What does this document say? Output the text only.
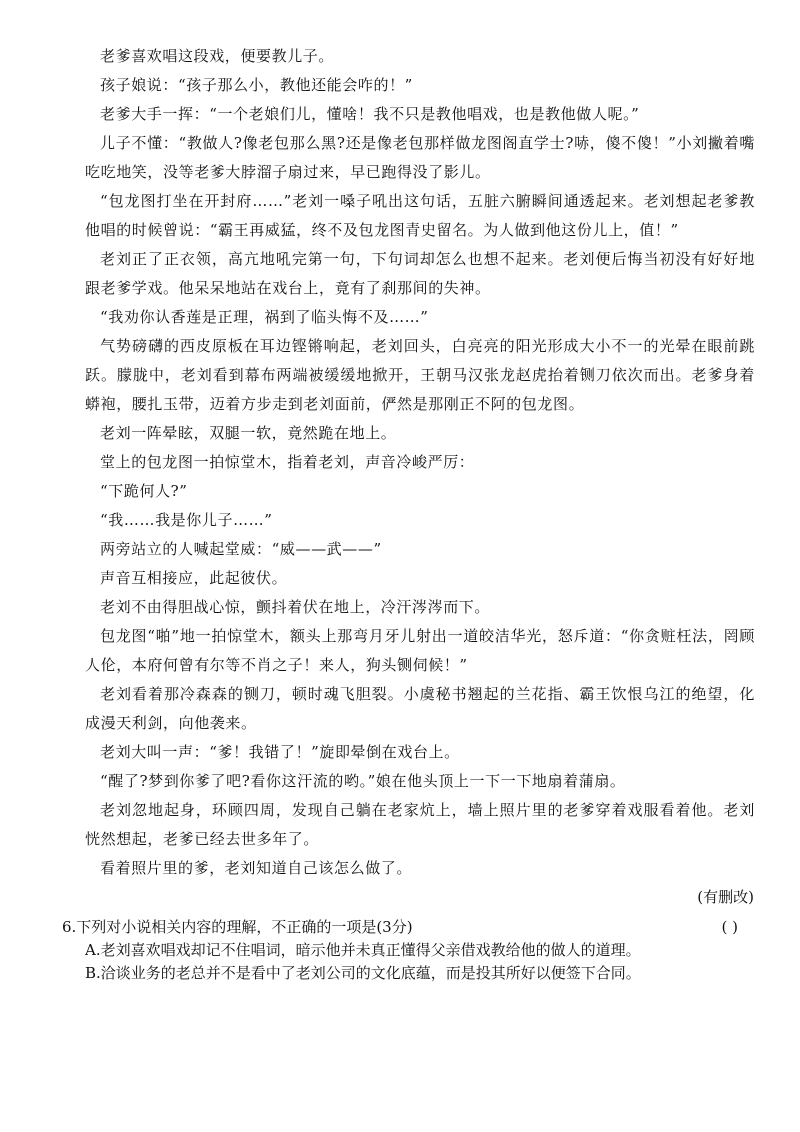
老爹喜欢唱这段戏，便要教儿子。

孩子娘说：“孩子那么小，教他还能会咋的！”

老爹大手一挥：“一个老娘们儿，懂啥！我不只是教他唱戏，也是教他做人呢。”

儿子不懂：“教做人?像老包那么黑?还是像老包那样做龙图阁直学士?哧，傻不傻！”小刘撇着嘴吃吃地笑，没等老爹大脖溜子扇过来，早已跑得没了影儿。

“包龙图打坐在开封府……”老刘一嗓子吼出这句话，五脏六腑瞬间通透起来。老刘想起老爹教他唱的时候曾说：“霸王再威猛，终不及包龙图青史留名。为人做到他这份儿上，值！”

老刘正了正衣领，高亢地吼完第一句，下句词却怎么也想不起来。老刘便后悔当初没有好好地跟老爹学戏。他呆呆地站在戏台上，竟有了刹那间的失神。

“我劝你认香莲是正理，祸到了临头悔不及……”

气势磅礴的西皮原板在耳边铿锵响起，老刘回头，白亮亮的阳光形成大小不一的光晕在眼前跳跃。朦胧中，老刘看到幕布两端被缓缓地掀开，王朝马汉张龙赵虎抬着铡刀依次而出。老爹身着蟒袍，腰扎玉带，迈着方步走到老刘面前，俨然是那刚正不阿的包龙图。

老刘一阵晕眩，双腿一软，竟然跪在地上。

堂上的包龙图一拍惊堂木，指着老刘，声音冷峻严厉：

“下跪何人?”

“我……我是你儿子……”

两旁站立的人喊起堂威：“威——武——”

声音互相接应，此起彼伏。

老刘不由得胆战心惊，颤抖着伏在地上，冷汗涔涔而下。

包龙图“啪”地一拍惊堂木，额头上那弯月牙儿射出一道皎洁华光，怒斥道：“你贪赃枉法，罔顾人伦，本府何曾有尔等不肖之子！来人，狗头铡伺候！”

老刘看着那冷森森的铡刀，顿时魂飞胆裂。小虞秘书翘起的兰花指、霸王饮恨乌江的绝望，化成漫天利剑，向他袭来。

老刘大叫一声：“爹！我错了！”旋即晕倒在戏台上。

“醒了?梦到你爹了吧?看你这汗流的哟。”娘在他头顶上一下一下地扇着蒲扇。

老刘忽地起身，环顾四周，发现自己躺在老家炕上，墙上照片里的老爹穿着戏服看着他。老刘恍然想起，老爹已经去世多年了。

看着照片里的爹，老刘知道自己该怎么做了。

(有删改)

6.下列对小说相关内容的理解，不正确的一项是(3分)	( )

A.老刘喜欢唱戏却记不住唱词，暗示他并未真正懂得父亲借戏教给他的做人的道理。

B.洽谈业务的老总并不是看中了老刘公司的文化底蕴，而是投其所好以便签下合同。
